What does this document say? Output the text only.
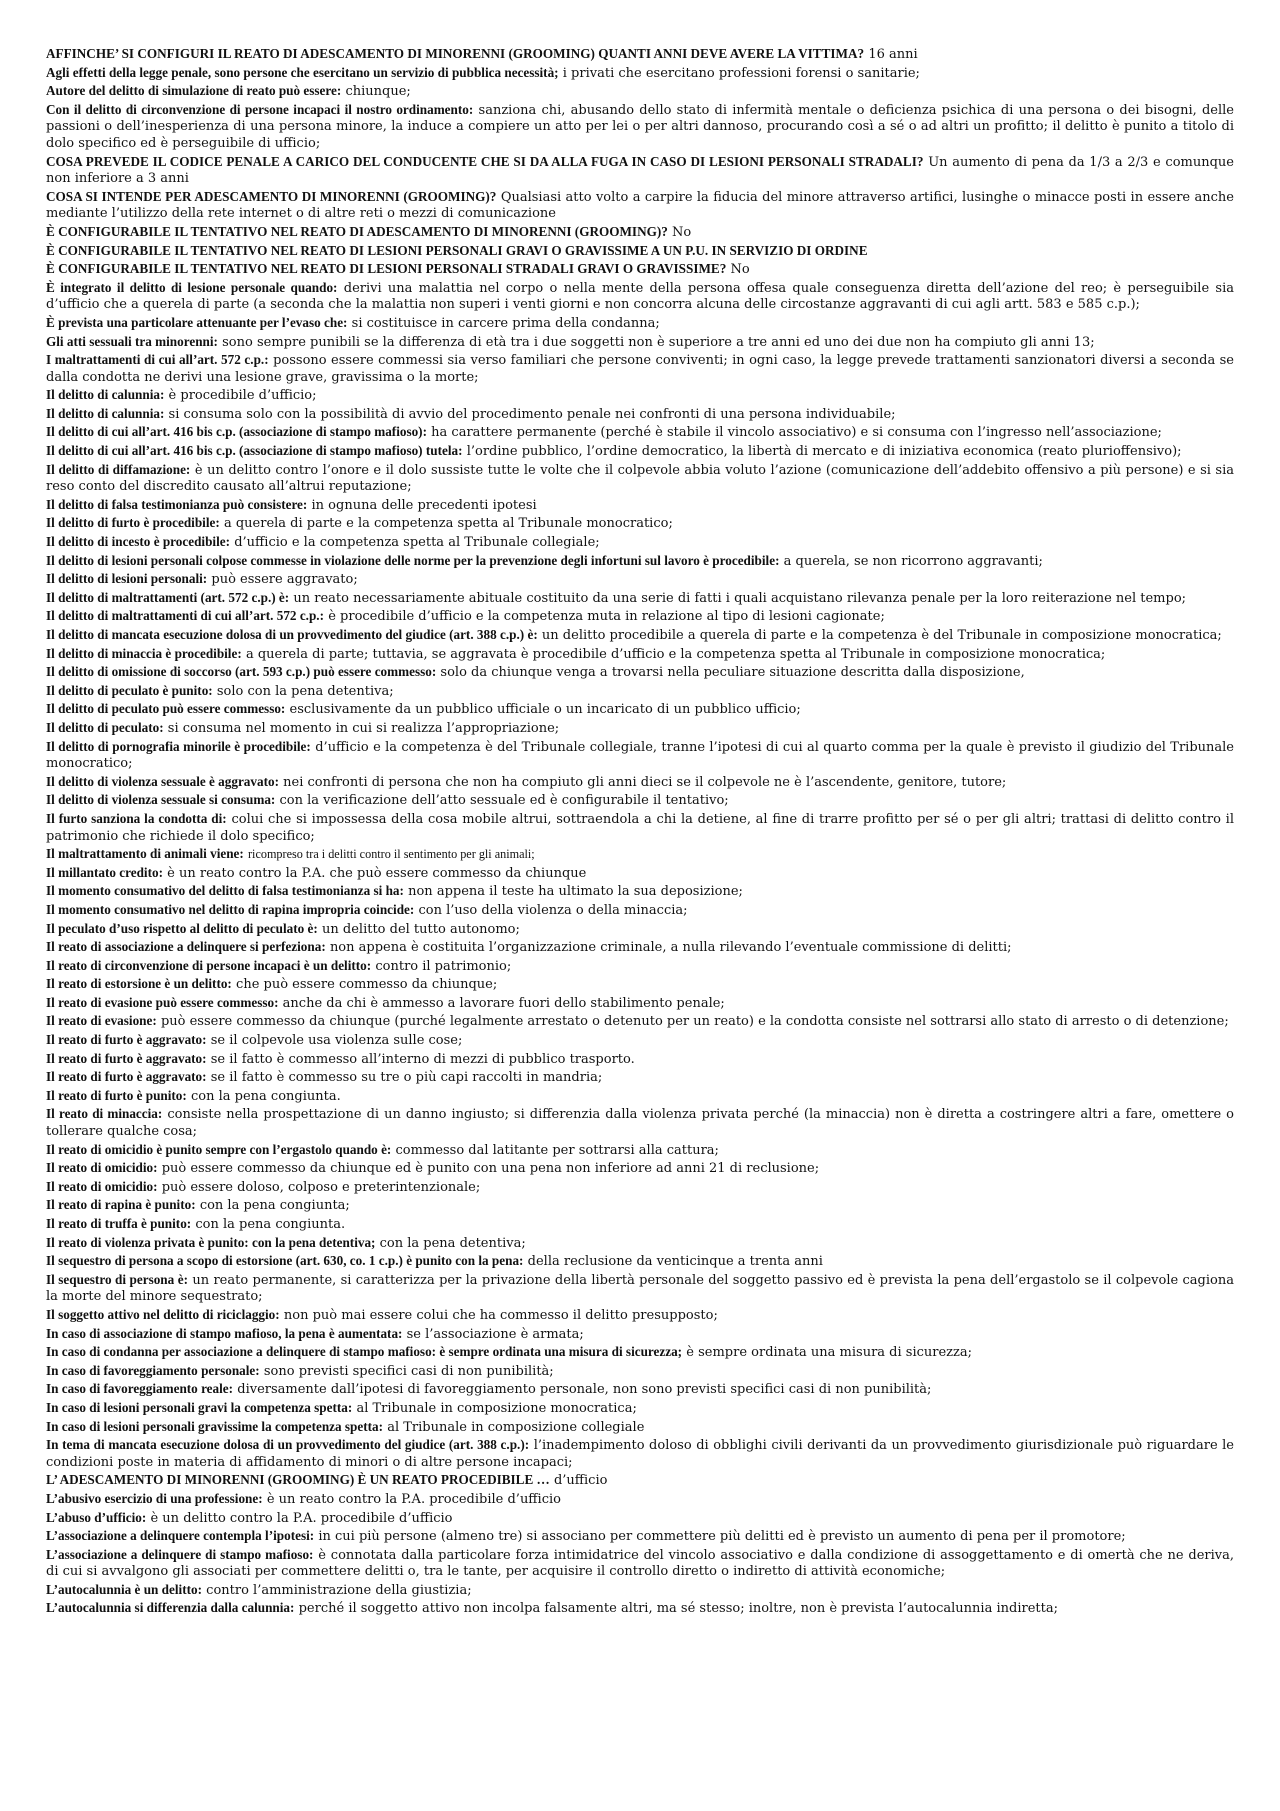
AFFINCHE’ SI CONFIGURI IL REATO DI ADESCAMENTO DI MINORENNI (GROOMING) QUANTI ANNI DEVE AVERE LA VITTIMA? 16 anni

Agli effetti della legge penale, sono persone che esercitano un servizio di pubblica necessità; i privati che esercitano professioni forensi o sanitarie;

Autore del delitto di simulazione di reato può essere: chiunque;

Con il delitto di circonvenzione di persone incapaci il nostro ordinamento: sanziona chi, abusando dello stato di infermità mentale o deficienza psichica di una persona o dei bisogni, delle passioni o dell’inesperienza di una persona minore, la induce a compiere un atto per lei o per altri dannoso, procurando così a sé o ad altri un profitto; il delitto è punito a titolo di dolo specifico ed è perseguibile di ufficio;

COSA PREVEDE IL CODICE PENALE A CARICO DEL CONDUCENTE CHE SI DA ALLA FUGA IN CASO DI LESIONI PERSONALI STRADALI? Un aumento di pena da 1/3 a 2/3 e comunque non inferiore a 3 anni

COSA SI INTENDE PER ADESCAMENTO DI MINORENNI (GROOMING)? Qualsiasi atto volto a carpire la fiducia del minore attraverso artifici, lusinghe o minacce posti in essere anche mediante l’utilizzo della rete internet o di altre reti o mezzi di comunicazione

È CONFIGURABILE IL TENTATIVO NEL REATO DI ADESCAMENTO DI MINORENNI (GROOMING)? No

È CONFIGURABILE IL TENTATIVO NEL REATO DI LESIONI PERSONALI GRAVI O GRAVISSIME A UN P.U. IN SERVIZIO DI ORDINE

È CONFIGURABILE IL TENTATIVO NEL REATO DI LESIONI PERSONALI STRADALI GRAVI O GRAVISSIME? No

È integrato il delitto di lesione personale quando: derivi una malattia nel corpo o nella mente della persona offesa quale conseguenza diretta dell’azione del reo; è perseguibile sia d’ufficio che a querela di parte (a seconda che la malattia non superi i venti giorni e non concorra alcuna delle circostanze aggravanti di cui agli artt. 583 e 585 c.p.);

È prevista una particolare attenuante per l’evaso che: si costituisce in carcere prima della condanna;

Gli atti sessuali tra minorenni: sono sempre punibili se la differenza di età tra i due soggetti non è superiore a tre anni ed uno dei due non ha compiuto gli anni 13;

I maltrattamenti di cui all’art. 572 c.p.: possono essere commessi sia verso familiari che persone conviventi; in ogni caso, la legge prevede trattamenti sanzionatori diversi a seconda se dalla condotta ne derivi una lesione grave, gravissima o la morte;

Il delitto di calunnia: è procedibile d’ufficio;

Il delitto di calunnia: si consuma solo con la possibilità di avvio del procedimento penale nei confronti di una persona individuabile;

Il delitto di cui all’art. 416 bis c.p. (associazione di stampo mafioso): ha carattere permanente (perché è stabile il vincolo associativo) e si consuma con l’ingresso nell’associazione;

Il delitto di cui all’art. 416 bis c.p. (associazione di stampo mafioso) tutela: l’ordine pubblico, l’ordine democratico, la libertà di mercato e di iniziativa economica (reato plurioffensivo);

Il delitto di diffamazione: è un delitto contro l’onore e il dolo sussiste tutte le volte che il colpevole abbia voluto l’azione (comunicazione dell’addebito offensivo a più persone) e si sia reso conto del discredito causato all’altrui reputazione;

Il delitto di falsa testimonianza può consistere: in ognuna delle precedenti ipotesi

Il delitto di furto è procedibile: a querela di parte e la competenza spetta al Tribunale monocratico;

Il delitto di incesto è procedibile: d’ufficio e la competenza spetta al Tribunale collegiale;

Il delitto di lesioni personali colpose commesse in violazione delle norme per la prevenzione degli infortuni sul lavoro è procedibile: a querela, se non ricorrono aggravanti;

Il delitto di lesioni personali: può essere aggravato;

Il delitto di maltrattamenti (art. 572 c.p.) è: un reato necessariamente abituale costituito da una serie di fatti i quali acquistano rilevanza penale per la loro reiterazione nel tempo;

Il delitto di maltrattamenti di cui all’art. 572 c.p.: è procedibile d’ufficio e la competenza muta in relazione al tipo di lesioni cagionate;

Il delitto di mancata esecuzione dolosa di un provvedimento del giudice (art. 388 c.p.) è: un delitto procedibile a querela di parte e la competenza è del Tribunale in composizione monocratica;

Il delitto di minaccia è procedibile: a querela di parte; tuttavia, se aggravata è procedibile d’ufficio e la competenza spetta al Tribunale in composizione monocratica;

Il delitto di omissione di soccorso (art. 593 c.p.) può essere commesso: solo da chiunque venga a trovarsi nella peculiare situazione descritta dalla disposizione,

Il delitto di peculato è punito: solo con la pena detentiva;

Il delitto di peculato può essere commesso: esclusivamente da un pubblico ufficiale o un incaricato di un pubblico ufficio;

Il delitto di peculato: si consuma nel momento in cui si realizza l’appropriazione;

Il delitto di pornografia minorile è procedibile: d’ufficio e la competenza è del Tribunale collegiale, tranne l’ipotesi di cui al quarto comma per la quale è previsto il giudizio del Tribunale monocratico;

Il delitto di violenza sessuale è aggravato: nei confronti di persona che non ha compiuto gli anni dieci se il colpevole ne è l’ascendente, genitore, tutore;

Il delitto di violenza sessuale si consuma: con la verificazione dell’atto sessuale ed è configurabile il tentativo;

Il furto sanziona la condotta di: colui che si impossessa della cosa mobile altrui, sottraendola a chi la detiene, al fine di trarre profitto per sé o per gli altri; trattasi di delitto contro il patrimonio che richiede il dolo specifico;

Il maltrattamento di animali viene: ricompreso tra i delitti contro il sentimento per gli animali;

Il millantato credito: è un reato contro la P.A. che può essere commesso da chiunque

Il momento consumativo del delitto di falsa testimonianza si ha: non appena il teste ha ultimato la sua deposizione;

Il momento consumativo nel delitto di rapina impropria coincide: con l’uso della violenza o della minaccia;

Il peculato d’uso rispetto al delitto di peculato è: un delitto del tutto autonomo;

Il reato di associazione a delinquere si perfeziona: non appena è costituita l’organizzazione criminale, a nulla rilevando l’eventuale commissione di delitti;

Il reato di circonvenzione di persone incapaci è un delitto: contro il patrimonio;

Il reato di estorsione è un delitto: che può essere commesso da chiunque;

Il reato di evasione può essere commesso: anche da chi è ammesso a lavorare fuori dello stabilimento penale;

Il reato di evasione: può essere commesso da chiunque (purché legalmente arrestato o detenuto per un reato) e la condotta consiste nel sottrarsi allo stato di arresto o di detenzione;

Il reato di furto è aggravato: se il colpevole usa violenza sulle cose;

Il reato di furto è aggravato: se il fatto è commesso all’interno di mezzi di pubblico trasporto.

Il reato di furto è aggravato: se il fatto è commesso su tre o più capi raccolti in mandria;

Il reato di furto è punito: con la pena congiunta.

Il reato di minaccia: consiste nella prospettazione di un danno ingiusto; si differenzia dalla violenza privata perché (la minaccia) non è diretta a costringere altri a fare, omettere o tollerare qualche cosa;

Il reato di omicidio è punito sempre con l’ergastolo quando è: commesso dal latitante per sottrarsi alla cattura;

Il reato di omicidio: può essere commesso da chiunque ed è punito con una pena non inferiore ad anni 21 di reclusione;

Il reato di omicidio: può essere doloso, colposo e preterintenzionale;

Il reato di rapina è punito: con la pena congiunta;

Il reato di truffa è punito: con la pena congiunta.

Il reato di violenza privata è punito: con la pena detentiva; con la pena detentiva;

Il sequestro di persona a scopo di estorsione (art. 630, co. 1 c.p.) è punito con la pena: della reclusione da venticinque a trenta anni

Il sequestro di persona è: un reato permanente, si caratterizza per la privazione della libertà personale del soggetto passivo ed è prevista la pena dell’ergastolo se il colpevole cagiona la morte del minore sequestrato;

Il soggetto attivo nel delitto di riciclaggio: non può mai essere colui che ha commesso il delitto presupposto;

In caso di associazione di stampo mafioso, la pena è aumentata: se l’associazione è armata;

In caso di condanna per associazione a delinquere di stampo mafioso: è sempre ordinata una misura di sicurezza; è sempre ordinata una misura di sicurezza;

In caso di favoreggiamento personale: sono previsti specifici casi di non punibilità;

In caso di favoreggiamento reale: diversamente dall’ipotesi di favoreggiamento personale, non sono previsti specifici casi di non punibilità;

In caso di lesioni personali gravi la competenza spetta: al Tribunale in composizione monocratica;

In caso di lesioni personali gravissime la competenza spetta: al Tribunale in composizione collegiale

In tema di mancata esecuzione dolosa di un provvedimento del giudice (art. 388 c.p.): l’inadempimento doloso di obblighi civili derivanti da un provvedimento giurisdizionale può riguardare le condizioni poste in materia di affidamento di minori o di altre persone incapaci;

L’ ADESCAMENTO DI MINORENNI (GROOMING) È UN REATO PROCEDIBILE … d’ufficio

L’abusivo esercizio di una professione: è un reato contro la P.A. procedibile d’ufficio

L’abuso d’ufficio: è un delitto contro la P.A. procedibile d’ufficio

L’associazione a delinquere contempla l’ipotesi: in cui più persone (almeno tre) si associano per commettere più delitti ed è previsto un aumento di pena per il promotore;

L’associazione a delinquere di stampo mafioso: è connotata dalla particolare forza intimidatrice del vincolo associativo e dalla condizione di assoggettamento e di omertà che ne deriva, di cui si avvalgono gli associati per commettere delitti o, tra le tante, per acquisire il controllo diretto o indiretto di attività economiche;

L’autocalunnia è un delitto: contro l’amministrazione della giustizia;

L’autocalunnia si differenzia dalla calunnia: perché il soggetto attivo non incolpa falsamente altri, ma sé stesso; inoltre, non è prevista l’autocalunnia indiretta;
